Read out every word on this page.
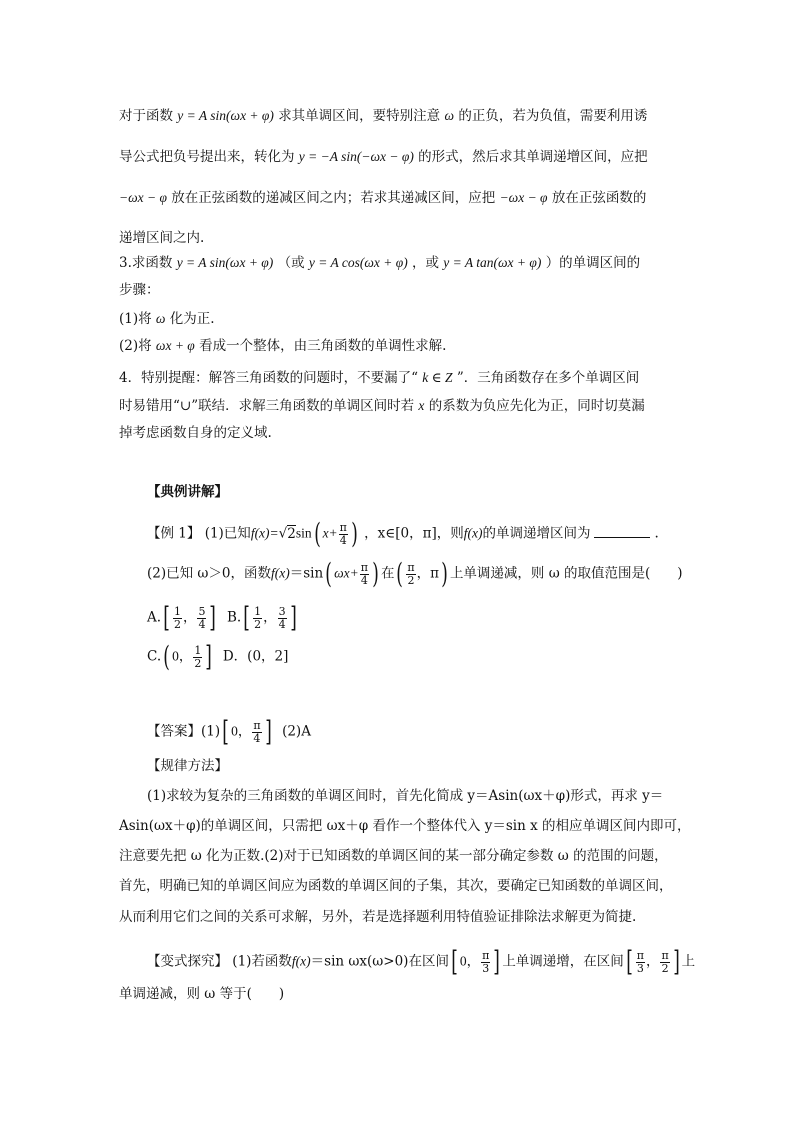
对于函数 y = A sin(ωx + φ) 求其单调区间，要特别注意 ω 的正负，若为负值，需要利用诱
导公式把负号提出来，转化为 y = −A sin(−ωx − φ) 的形式，然后求其单调递增区间，应把
−ωx − φ 放在正弦函数的递减区间之内；若求其递减区间，应把 −ωx − φ 放在正弦函数的
递增区间之内.
3.求函数 y = A sin(ωx + φ) （或 y = A cos(ωx + φ) ，或 y = A tan(ωx + φ) ）的单调区间的
步骤：
(1)将 ω 化为正.
(2)将 ωx + φ 看成一个整体，由三角函数的单调性求解.
4．特别提醒：解答三角函数的问题时，不要漏了“ k ∈ Z ”．三角函数存在多个单调区间
时易错用“∪”联结．求解三角函数的单调区间时若 x 的系数为负应先化为正，同时切莫漏
掉考虑函数自身的定义域.
【典例讲解】
【例 1】 (1)已知f(x)=√2sin( $x+ \frac{\pi}{4}$ ) ，x∈[0，π]，则f(x)的单调递增区间为	.
(2)已知 ω＞0，函数f(x)＝sin( $\omega x+ \frac{\pi}{4}$ ) 在( $\frac{\pi}{2}$ ，π) 上单调递减，则 ω 的取值范围是(　　)
$A.[ \frac{1}{2}$ ， $\frac{5}{4}$ ] $B.[ \frac{1}{2}$ ， $\frac{3}{4}$ ]
C.( 0， $\frac{1}{2}$ ] D．(0，2]
【答案】(1)[ 0， $\frac{\pi}{4}$ ] (2)A
【规律方法】
(1)求较为复杂的三角函数的单调区间时，首先化简成 y＝Asin(ωx＋φ)形式，再求 y＝
Asin(ωx＋φ)的单调区间，只需把 ωx＋φ 看作一个整体代入 y＝sin x 的相应单调区间内即可，
注意要先把 ω 化为正数.(2)对于已知函数的单调区间的某一部分确定参数 ω 的范围的问题，
首先，明确已知的单调区间应为函数的单调区间的子集，其次，要确定已知函数的单调区间，
从而利用它们之间的关系可求解，另外，若是选择题利用特值验证排除法求解更为简捷.
【变式探究】 (1)若函数f(x)＝sin ωx(ω>0)在区间[ 0， $\frac{\pi}{3}$ ] 上单调递增，在区间[ $\frac{\pi}{3}$ ， $\frac{\pi}{2}$ ] 上
单调递减，则 ω 等于(　　)
